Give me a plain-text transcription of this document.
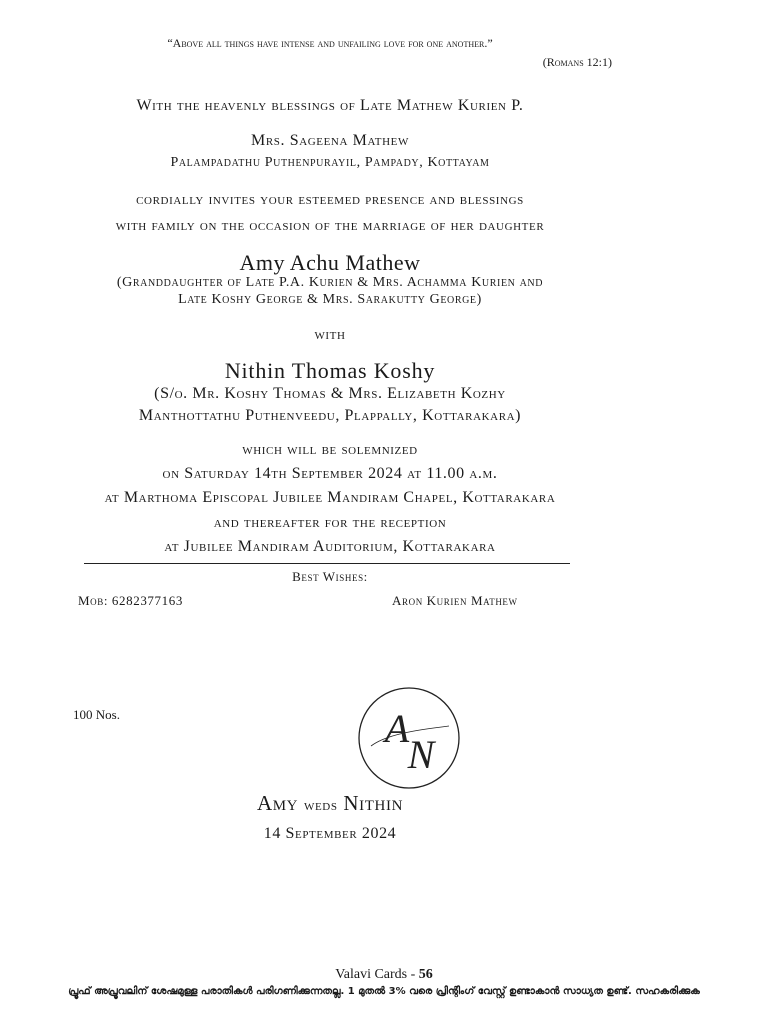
“Above all things have intense and unfailing love for one another.”
(Romans 12:1)
With the heavenly blessings of Late Mathew Kurien P.
Mrs. Sageena Mathew
Palampadathu Puthenpurayil, Pampady, Kottayam
cordially invites your esteemed presence and blessings
with family on the occasion of the marriage of her daughter
Amy Achu Mathew
(Granddaughter of Late P.A. Kurien & Mrs. Achamma Kurien and
Late Koshy George & Mrs. Sarakutty George)
with
Nithin Thomas Koshy
(S/o. Mr. Koshy Thomas & Mrs. Elizabeth Kozhy
Manthottathu Puthenveedu, Plappally, Kottarakara)
which will be solemnized
on Saturday 14th September 2024 at 11.00 a.m.
at Marthoma Episcopal Jubilee Mandiram Chapel, Kottarakara
and thereafter for the reception
at Jubilee Mandiram Auditorium, Kottarakara
Best Wishes:
Mob: 6282377163	Aron Kurien Mathew
100 Nos.	A
N
Amy weds Nithin
14 September 2024
Valavi Cards - 56
പ്രൂഫ് അപ്രൂവലിന് ശേഷമുള്ള പരാതികൾ പരിഗണിക്കുന്നതല്ല. 1 മുതൽ 3% വരെ പ്രിന്റിംഗ് വേസ്റ്റ് ഉണ്ടാകാൻ സാധ്യത ഉണ്ട്. സഹകരിക്കുക
